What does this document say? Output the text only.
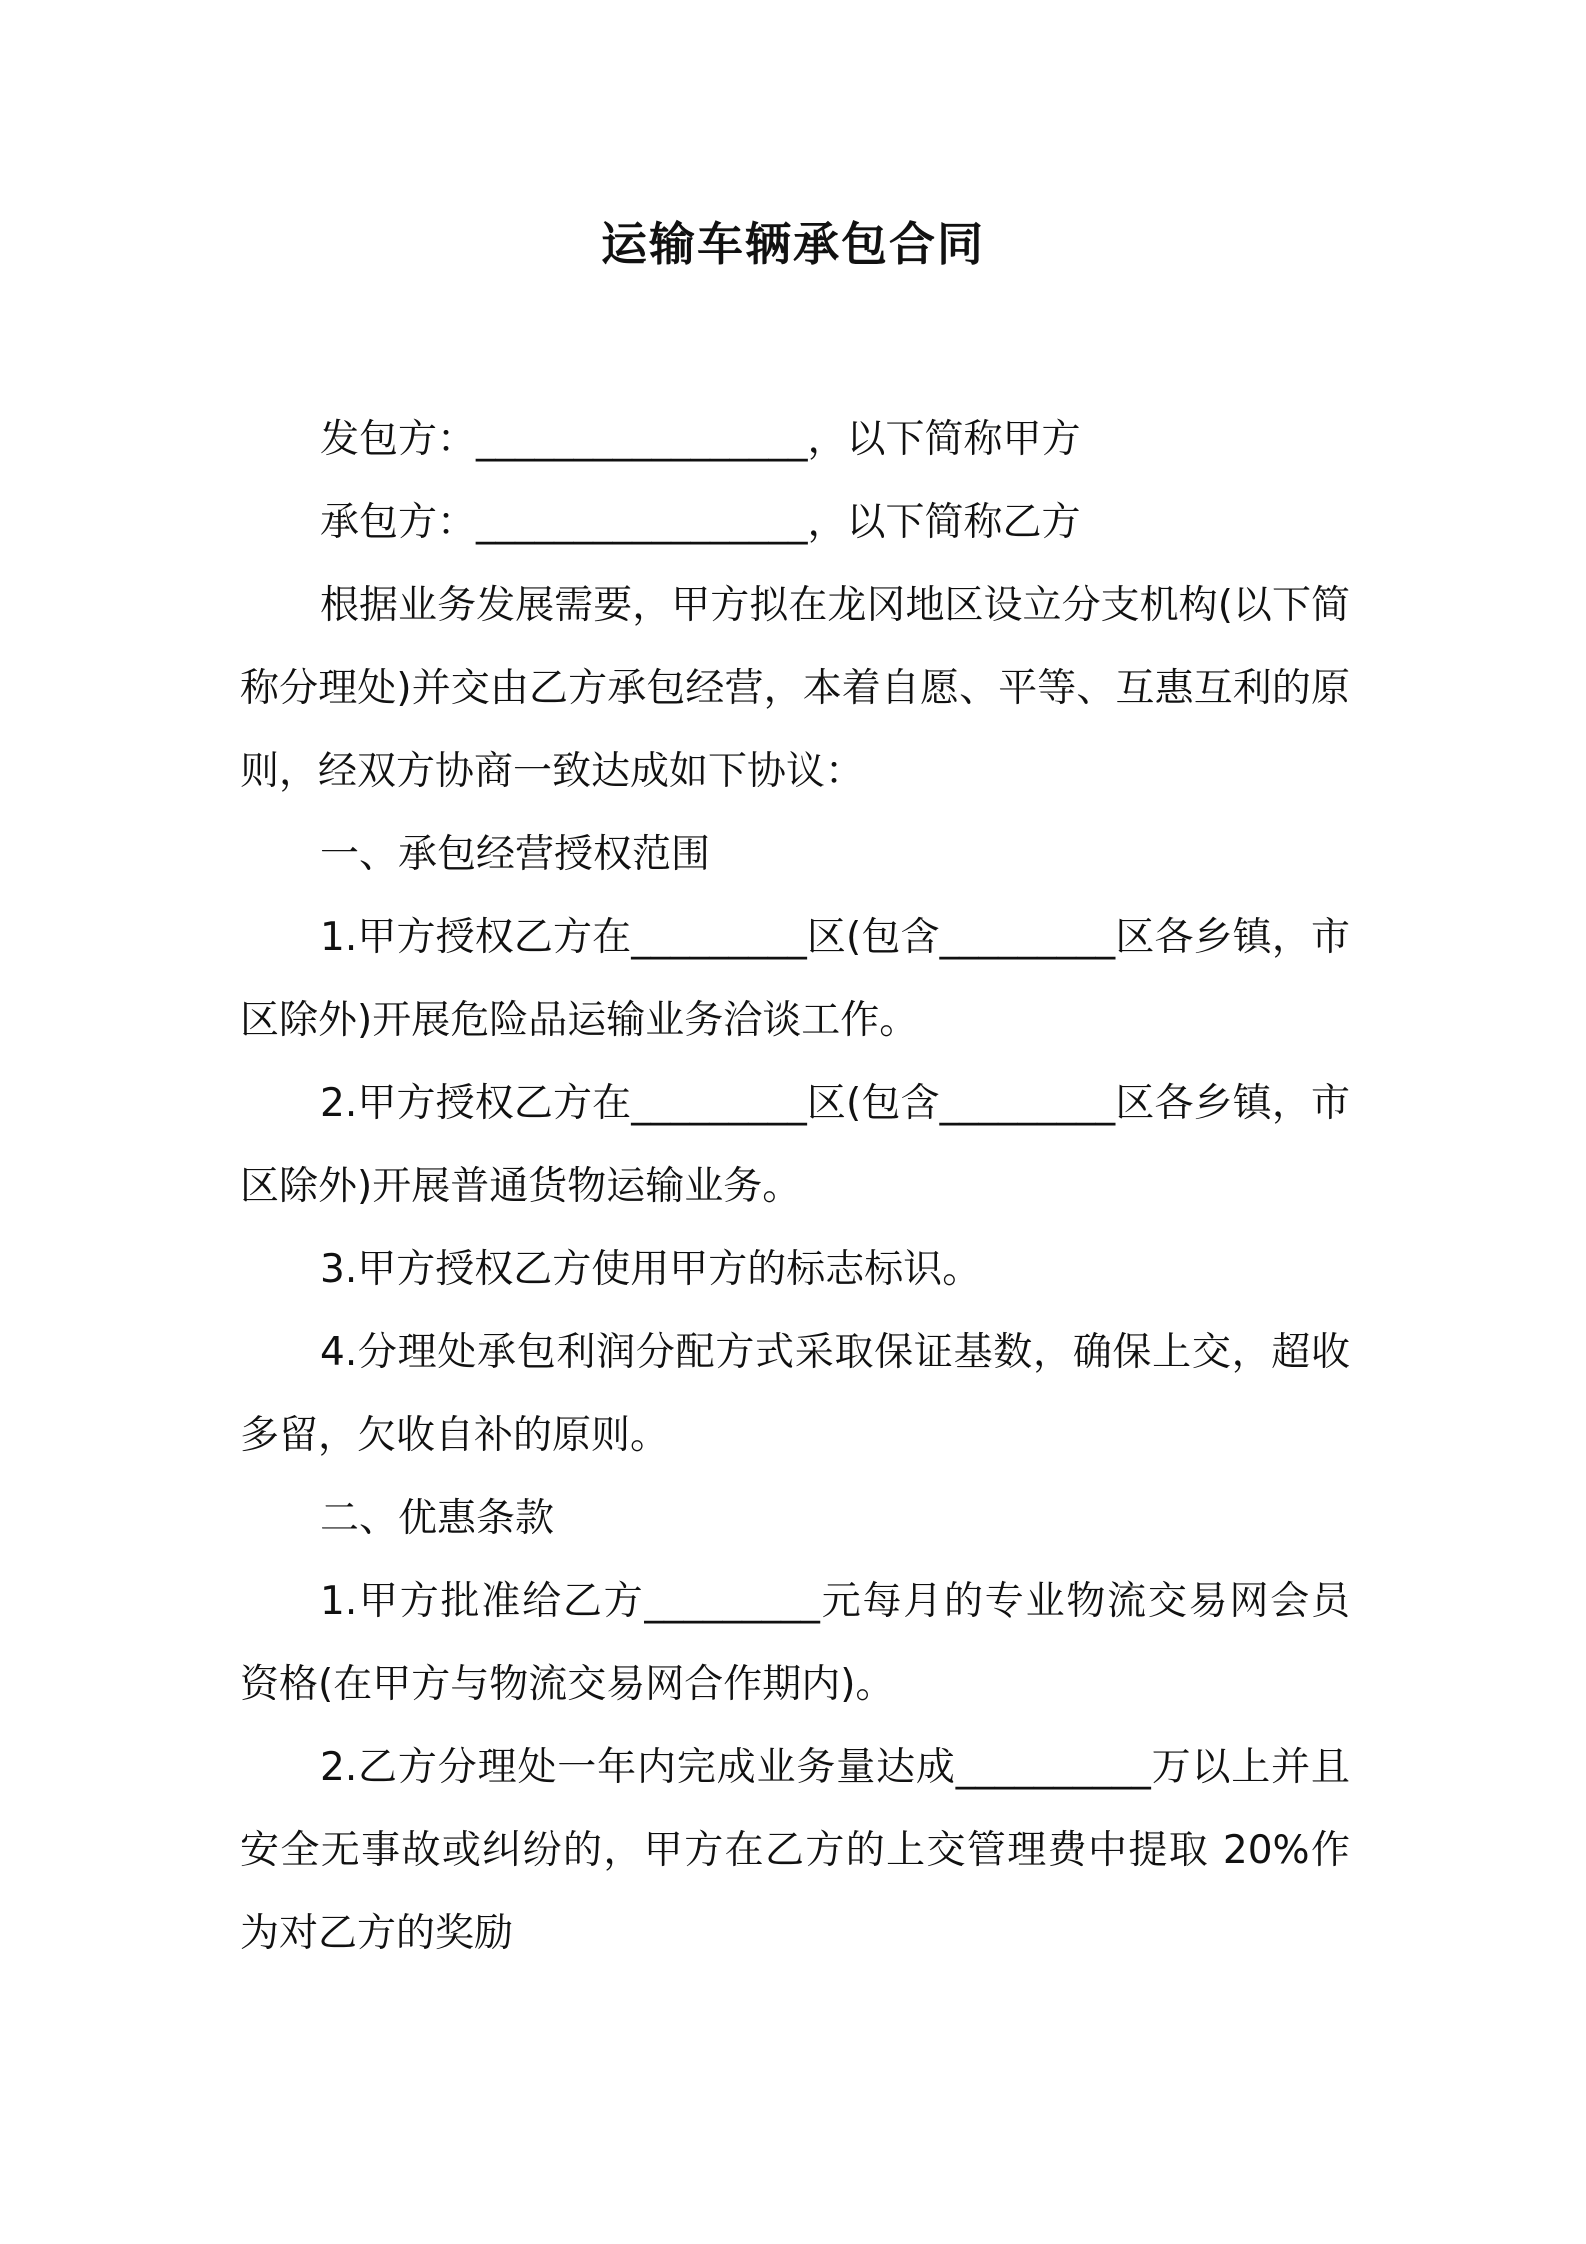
运输车辆承包合同

发包方：_________________，以下简称甲方

承包方：_________________，以下简称乙方

根据业务发展需要，甲方拟在龙冈地区设立分支机构(以下简称分理处)并交由乙方承包经营，本着自愿、平等、互惠互利的原则，经双方协商一致达成如下协议：

一、承包经营授权范围

1.甲方授权乙方在_________区(包含_________区各乡镇，市区除外)开展危险品运输业务洽谈工作。

2.甲方授权乙方在_________区(包含_________区各乡镇，市区除外)开展普通货物运输业务。

3.甲方授权乙方使用甲方的标志标识。

4.分理处承包利润分配方式采取保证基数，确保上交，超收多留，欠收自补的原则。

二、优惠条款

1.甲方批准给乙方_________元每月的专业物流交易网会员资格(在甲方与物流交易网合作期内)。

2.乙方分理处一年内完成业务量达成__________万以上并且安全无事故或纠纷的，甲方在乙方的上交管理费中提取 20%作为对乙方的奖励
